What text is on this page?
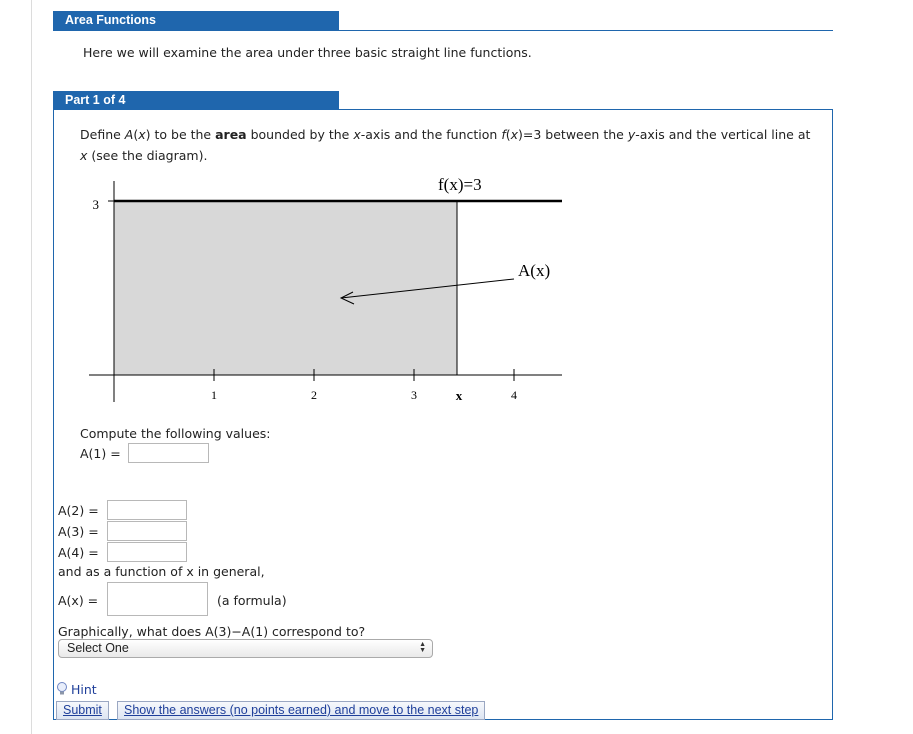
Area Functions
Here we will examine the area under three basic straight line functions.
Part 1 of 4
Define A(x) to be the area bounded by the x-axis and the function f(x)=3 between the y-axis and the vertical line at x (see the diagram).
3
1	2	3	4
x
f(x)=3
A(x)
Compute the following values:
A(1) =
A(2) =
A(3) =
A(4) =
and as a function of x in general,
A(x) =	(a formula)
Graphically, what does A(3)−A(1) correspond to?
Select One	▲
▼
Hint
Submit	Show the answers (no points earned) and move to the next step
